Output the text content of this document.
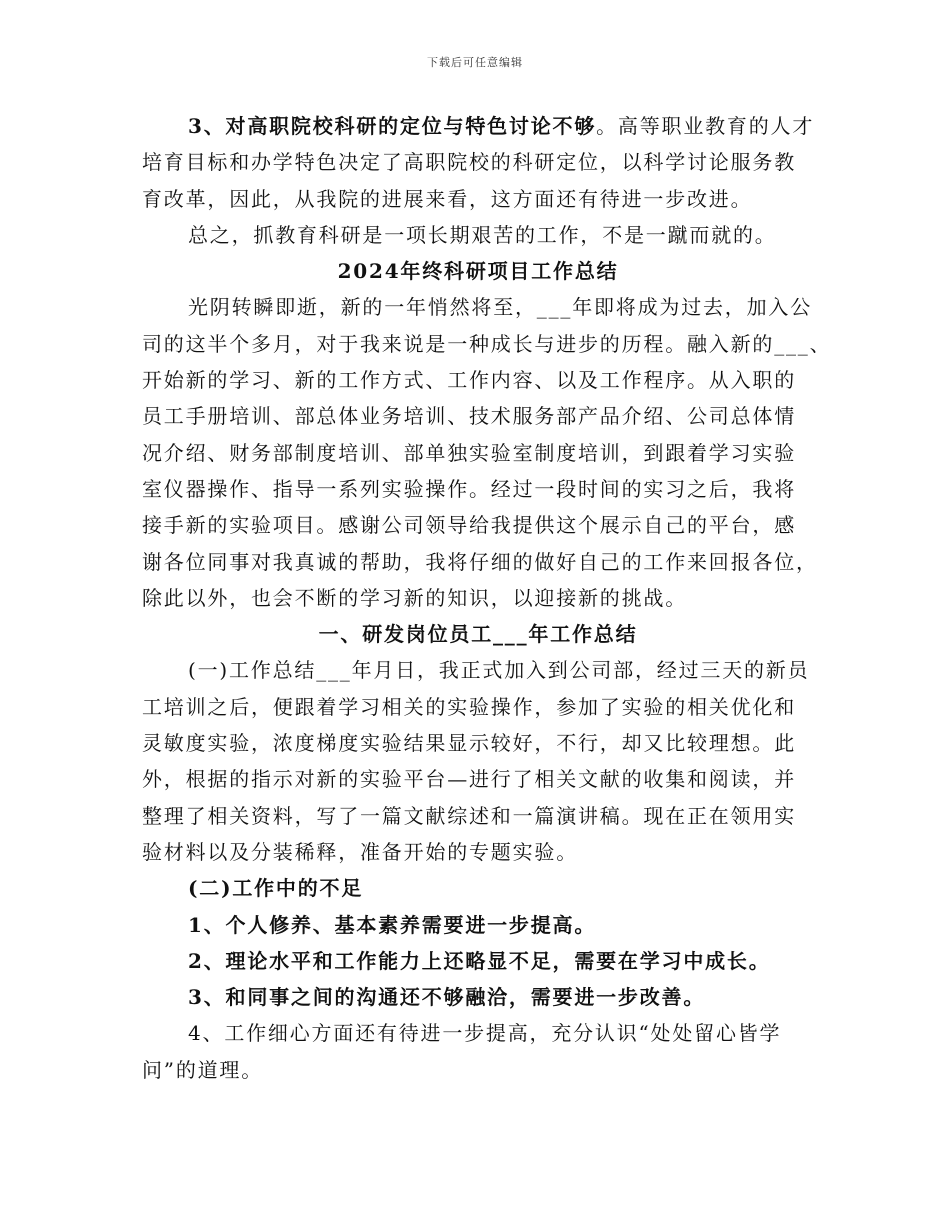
下载后可任意编辑
3、对高职院校科研的定位与特色讨论不够。高等职业教育的人才
培育目标和办学特色决定了高职院校的科研定位，以科学讨论服务教
育改革，因此，从我院的进展来看，这方面还有待进一步改进。
总之，抓教育科研是一项长期艰苦的工作，不是一蹴而就的。
2024年终科研项目工作总结
光阴转瞬即逝，新的一年悄然将至，___年即将成为过去，加入公
司的这半个多月，对于我来说是一种成长与进步的历程。融入新的___、
开始新的学习、新的工作方式、工作内容、以及工作程序。从入职的
员工手册培训、部总体业务培训、技术服务部产品介绍、公司总体情
况介绍、财务部制度培训、部单独实验室制度培训，到跟着学习实验
室仪器操作、指导一系列实验操作。经过一段时间的实习之后，我将
接手新的实验项目。感谢公司领导给我提供这个展示自己的平台，感
谢各位同事对我真诚的帮助，我将仔细的做好自己的工作来回报各位，
除此以外，也会不断的学习新的知识，以迎接新的挑战。
一、研发岗位员工___年工作总结
(一)工作总结___年月日，我正式加入到公司部，经过三天的新员
工培训之后，便跟着学习相关的实验操作，参加了实验的相关优化和
灵敏度实验，浓度梯度实验结果显示较好，不行，却又比较理想。此
外，根据的指示对新的实验平台—进行了相关文献的收集和阅读，并
整理了相关资料，写了一篇文献综述和一篇演讲稿。现在正在领用实
验材料以及分装稀释，准备开始的专题实验。
(二)工作中的不足
1、个人修养、基本素养需要进一步提高。
2、理论水平和工作能力上还略显不足，需要在学习中成长。
3、和同事之间的沟通还不够融洽，需要进一步改善。
4、工作细心方面还有待进一步提高，充分认识“处处留心皆学
问”的道理。
